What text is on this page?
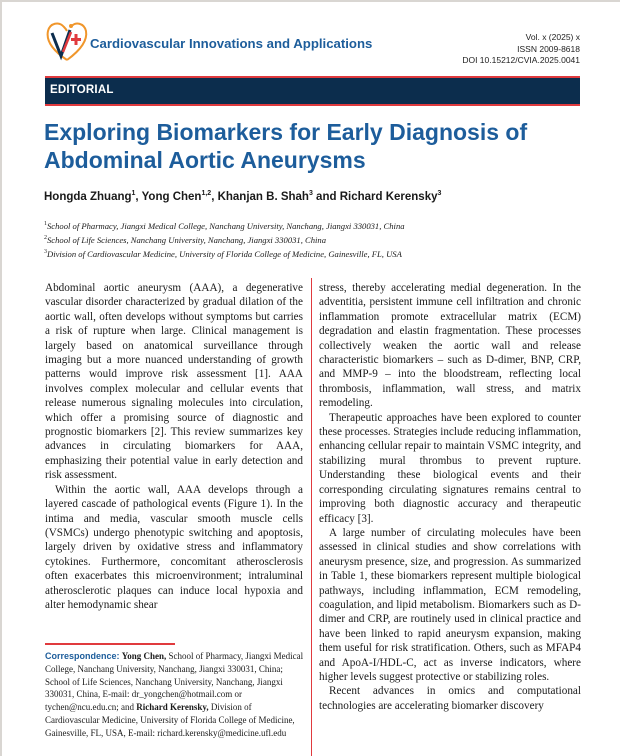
Cardiovascular Innovations and Applications	Vol. x (2025) x
ISSN 2009-8618
DOI 10.15212/CVIA.2025.0041
EDITORIAL
Exploring Biomarkers for Early Diagnosis of
Abdominal Aortic Aneurysms
Hongda Zhuang$^1$, Yong Chen$^{1,2}$, Khanjan B. Shah$^3$ and Richard Kerensky$^3$
$^1$School of Pharmacy, Jiangxi Medical College, Nanchang University, Nanchang, Jiangxi 330031, China
$^2$School of Life Sciences, Nanchang University, Nanchang, Jiangxi 330031, China
$^3$Division of Cardiovascular Medicine, University of Florida College of Medicine, Gainesville, FL, USA

Abdominal aortic aneurysm (AAA), a degenerative vascular disorder characterized by gradual dilation of the aortic wall, often develops without symptoms but carries a risk of rupture when large. Clinical management is largely based on anatomical surveillance through imaging but a more nuanced understanding of growth patterns would improve risk assessment [1]. AAA involves complex molecular and cellular events that release numerous signaling molecules into circulation, which offer a promising source of diagnostic and prognostic biomarkers [2]. This review summarizes key advances in circulating biomarkers for AAA, emphasizing their potential value in early detection and risk assessment.

Within the aortic wall, AAA develops through a layered cascade of pathological events (Figure 1). In the intima and media, vascular smooth muscle cells (VSMCs) undergo phenotypic switching and apoptosis, largely driven by oxidative stress and inflammatory cytokines. Furthermore, concomitant atherosclerosis often exacerbates this microenvironment; intraluminal atherosclerotic plaques can induce local hypoxia and alter hemodynamic shear

stress, thereby accelerating medial degeneration. In the adventitia, persistent immune cell infiltration and chronic inflammation promote extracellular matrix (ECM) degradation and elastin fragmentation. These processes collectively weaken the aortic wall and release characteristic biomarkers – such as D-dimer, BNP, CRP, and MMP-9 – into the bloodstream, reflecting local thrombosis, inflammation, wall stress, and matrix remodeling.

Therapeutic approaches have been explored to counter these processes. Strategies include reducing inflammation, enhancing cellular repair to maintain VSMC integrity, and stabilizing mural thrombus to prevent rupture. Understanding these biological events and their corresponding circulating signatures remains central to improving both diagnostic accuracy and therapeutic efficacy [3].

A large number of circulating molecules have been assessed in clinical studies and show correlations with aneurysm presence, size, and progression. As summarized in Table 1, these biomarkers represent multiple biological pathways, including inflammation, ECM remodeling, coagulation, and lipid metabolism. Biomarkers such as D-dimer and CRP, are routinely used in clinical practice and have been linked to rapid aneurysm expansion, making them useful for risk stratification. Others, such as MFAP4 and ApoA-I/HDL-C, act as inverse indicators, where higher levels suggest protective or stabilizing roles.

Recent advances in omics and computational technologies are accelerating biomarker discovery

Correspondence: Yong Chen, School of Pharmacy, Jiangxi Medical College, Nanchang University, Nanchang, Jiangxi 330031, China; School of Life Sciences, Nanchang University, Nanchang, Jiangxi 330031, China, E-mail: dr_yongchen@hotmail.com or tychen@ncu.edu.cn; and Richard Kerensky, Division of Cardiovascular Medicine, University of Florida College of Medicine, Gainesville, FL, USA, E-mail: richard.kerensky@medicine.ufl.edu
